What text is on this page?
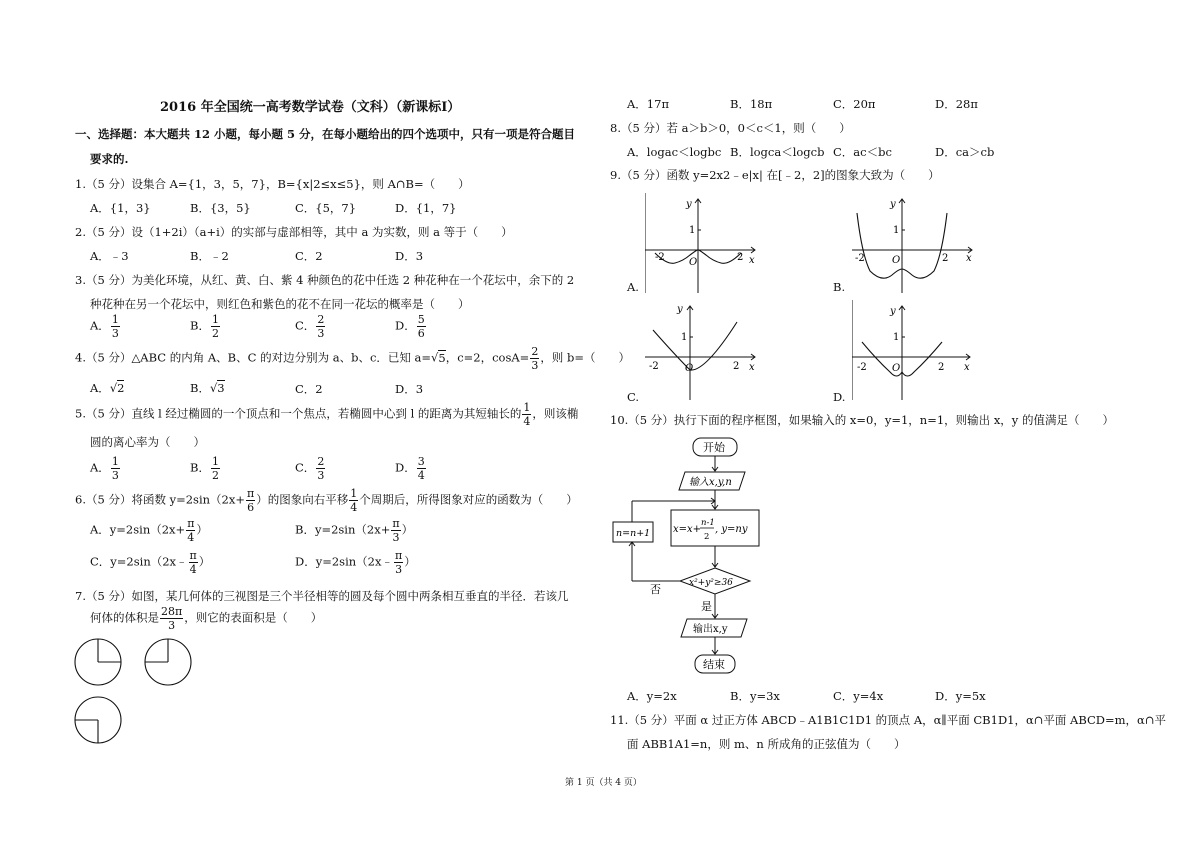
2016 年全国统一高考数学试卷（文科）（新课标Ⅰ）
一、选择题：本大题共 12 小题，每小题 5 分，在每小题给出的四个选项中，只有一项是符合题目
要求的.
1.（5 分）设集合 A={1，3，5，7}，B={x|2≤x≤5}，则 A∩B=（　　）
A．{1，3}	B．{3，5}	C．{5，7}	D．{1，7}
2.（5 分）设（1+2i）（a+i）的实部与虚部相等，其中 a 为实数，则 a 等于（　　）
A．﹣3	B．﹣2	C．2	D．3
3.（5 分）为美化环境，从红、黄、白、紫 4 种颜色的花中任选 2 种花种在一个花坛中，余下的 2
种花种在另一个花坛中，则红色和紫色的花不在同一花坛的概率是（　　）
A． $\frac{1}{3}$	B． $\frac{1}{2}$	C． $\frac{2}{3}$	D． $\frac{5}{6}$
4.（5 分）△ABC 的内角 A、B、C 的对边分别为 a、b、c．已知 a=√5，c=2，$\cos A= \frac{2}{3}$ ，则 b=（　　）
A．√2	B．√3	C．2	D．3
5.（5 分）直线 l 经过椭圆的一个顶点和一个焦点，若椭圆中心到 l 的距离为其短轴长的 $\frac{1}{4}$ ，则该椭
圆的离心率为（　　）
A． $\frac{1}{3}$	B． $\frac{1}{2}$	C． $\frac{2}{3}$	D． $\frac{3}{4}$
6.（5 分）将函数 $y=2\sin(2x+ \frac{\pi}{6}$ ）的图象向右平移 $\frac{1}{4}$ 个周期后，所得图象对应的函数为（　　）
A．$y=2\sin(2x+ \frac{\pi}{4}$ ）	B．$y=2\sin(2x+ \frac{\pi}{3}$ ）
C．y=2sin（2x﹣ $\frac{\pi}{4}$ ）	D．y=2sin（2x﹣ $\frac{\pi}{3}$ ）
7.（5 分）如图，某几何体的三视图是三个半径相等的圆及每个圆中两条相互垂直的半径．若该几
何体的体积是 $\frac{28\pi}{3}$ ，则它的表面积是（　　）
A．17π	B．18π	C．20π	D．28π
8.（5 分）若 a＞b＞0，0＜c＜1，则（　　）
A．logac＜logbc B．logca＜logcb C．ac＜bc	D．ca＞cb
9.（5 分）函数 y=2x2﹣e|x| 在[﹣2，2]的图象大致为（　　）
A.	B.
C.	D.
y
x
1
-2	2
O
y
x
1
-2	2
O
y
x
1
-2	2
O
y
x
1
-2	2
O
10.（5 分）执行下面的程序框图，如果输入的 x=0，y=1，n=1，则输出 x，y 的值满足（　　）
开始
输入x,y,n
n=n+1 x=x+
n-1
2
, y=ny
x²+y²≥36
否
是
输出x,y
结束
A．y=2x	B．y=3x	C．y=4x	D．y=5x
11.（5 分）平面 α 过正方体 ABCD﹣A1B1C1D1 的顶点 A，α∥平面 CB1D1，α∩平面 ABCD=m，α∩平
面 ABB1A1=n，则 m、n 所成角的正弦值为（　　）
第 1 页（共 4 页）
